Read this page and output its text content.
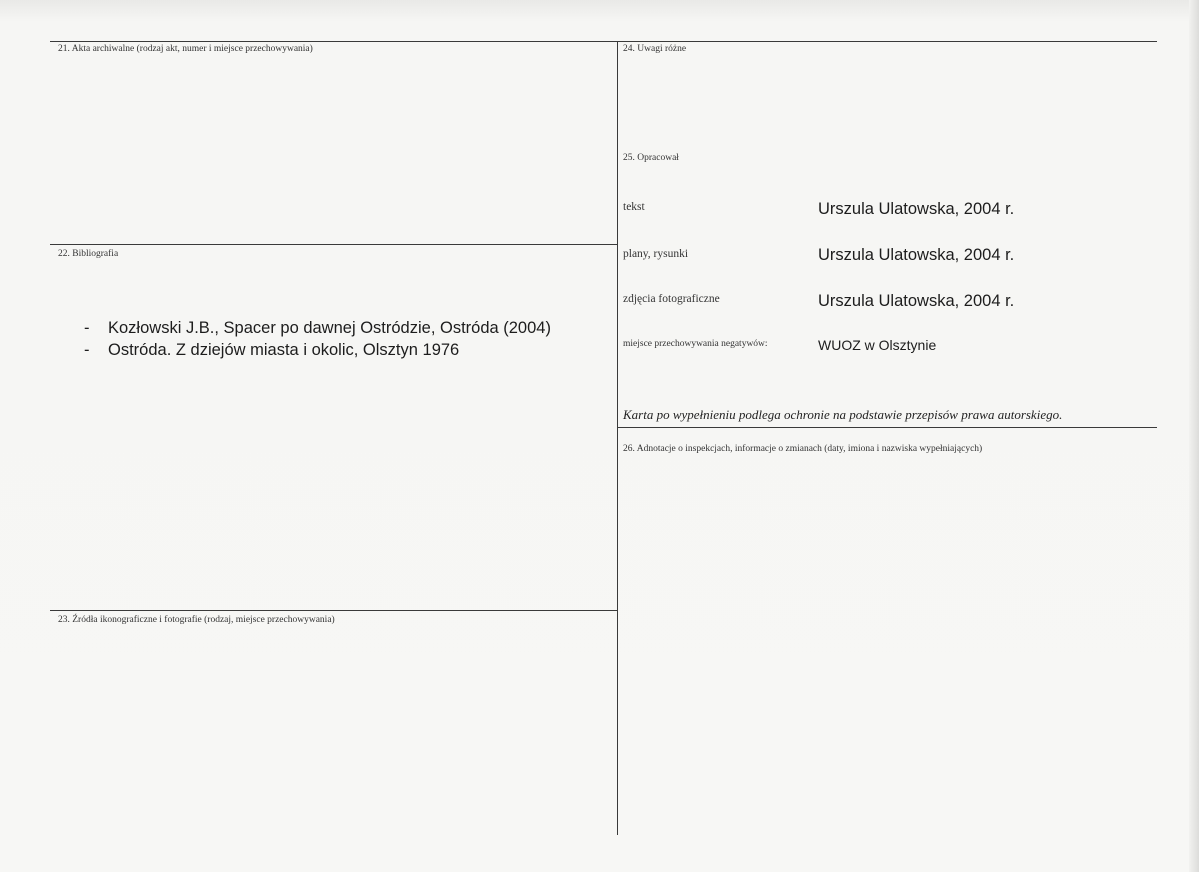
21. Akta archiwalne (rodzaj akt, numer i miejsce przechowywania)
22. Bibliografia
- Kozłowski J.B., Spacer po dawnej Ostródzie, Ostróda (2004)
- Ostróda. Z dziejów miasta i okolic, Olsztyn 1976
23. Źródła ikonograficzne i fotografie (rodzaj, miejsce przechowywania)
24. Uwagi różne
25. Opracował
tekst	Urszula Ulatowska, 2004 r.
plany, rysunki	Urszula Ulatowska, 2004 r.
zdjęcia fotograficzne	Urszula Ulatowska, 2004 r.
miejsce przechowywania negatywów:	WUOZ w Olsztynie
Karta po wypełnieniu podlega ochronie na podstawie przepisów prawa autorskiego.
26. Adnotacje o inspekcjach, informacje o zmianach (daty, imiona i nazwiska wypełniających)
